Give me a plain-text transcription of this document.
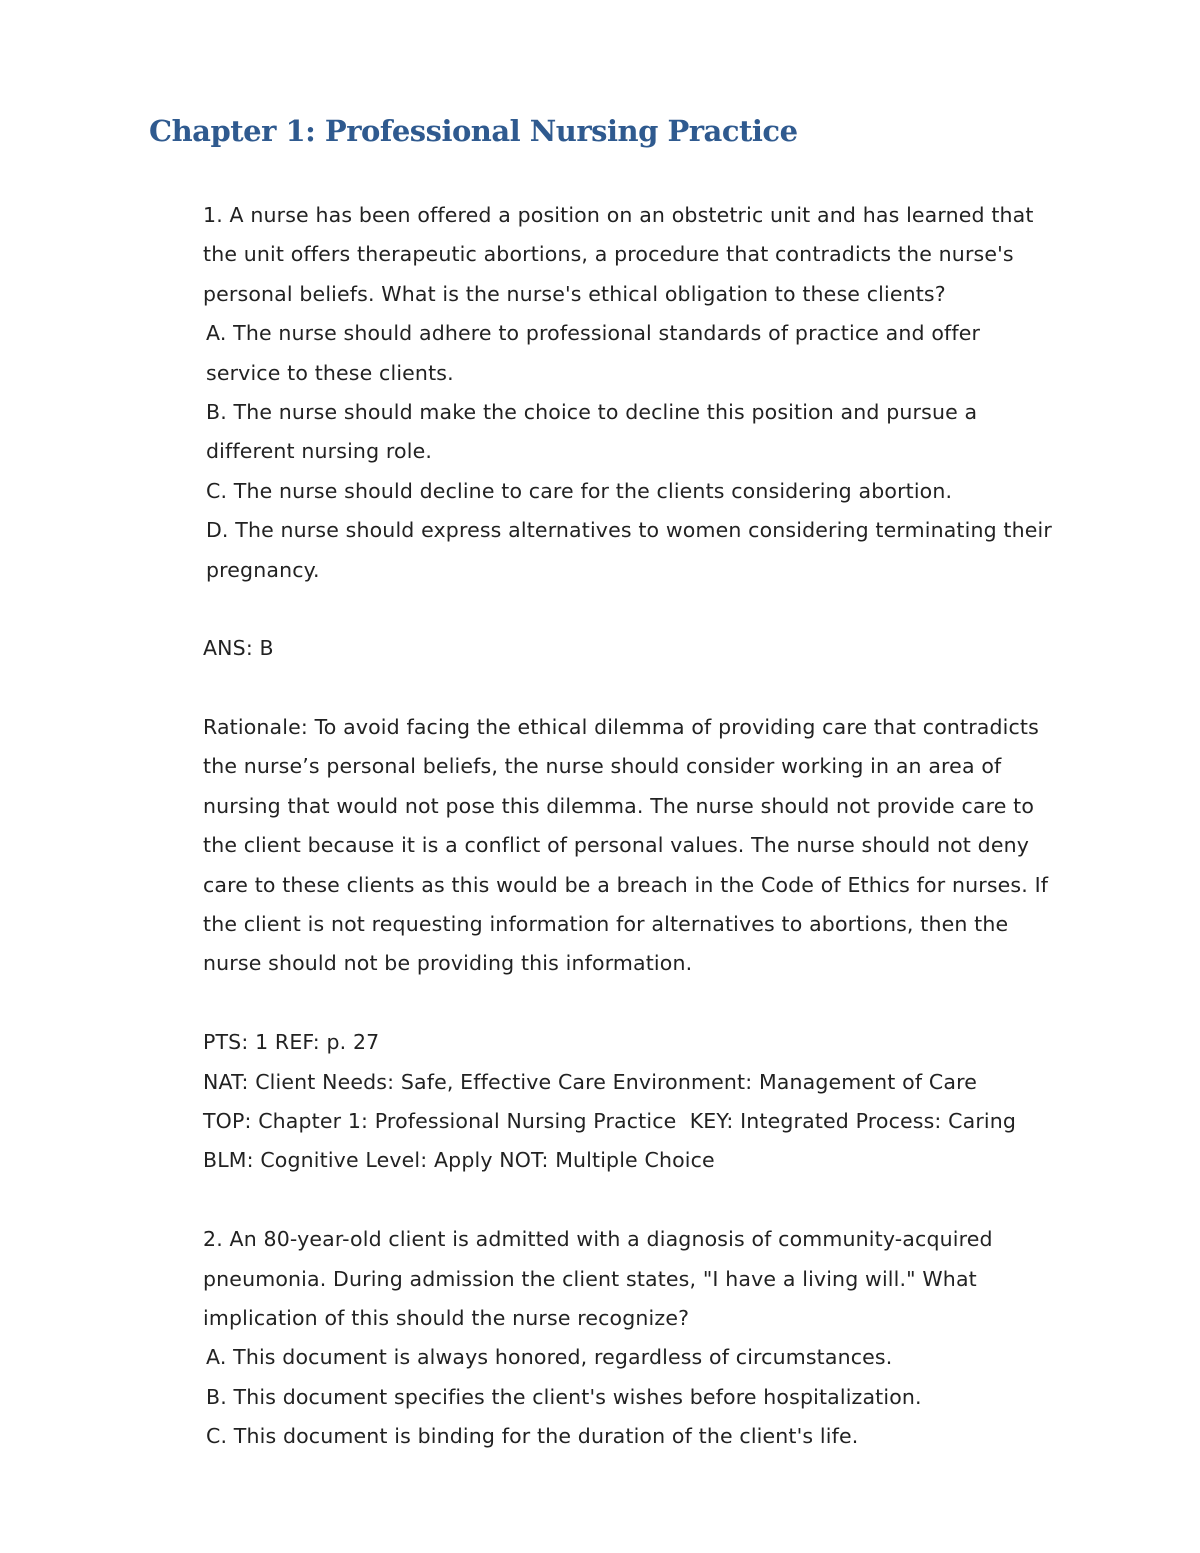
Chapter 1: Professional Nursing Practice
1. A nurse has been offered a position on an obstetric unit and has learned that
the unit offers therapeutic abortions, a procedure that contradicts the nurse's
personal beliefs. What is the nurse's ethical obligation to these clients?
A. The nurse should adhere to professional standards of practice and offer
service to these clients.
B. The nurse should make the choice to decline this position and pursue a
different nursing role.
C. The nurse should decline to care for the clients considering abortion.
D. The nurse should express alternatives to women considering terminating their
pregnancy.
ANS: B
Rationale: To avoid facing the ethical dilemma of providing care that contradicts
the nurse’s personal beliefs, the nurse should consider working in an area of
nursing that would not pose this dilemma. The nurse should not provide care to
the client because it is a conflict of personal values. The nurse should not deny
care to these clients as this would be a breach in the Code of Ethics for nurses. If
the client is not requesting information for alternatives to abortions, then the
nurse should not be providing this information.
PTS: 1 REF: p. 27
NAT: Client Needs: Safe, Effective Care Environment: Management of Care
TOP: Chapter 1: Professional Nursing Practice  KEY: Integrated Process: Caring
BLM: Cognitive Level: Apply NOT: Multiple Choice
2. An 80-year-old client is admitted with a diagnosis of community-acquired
pneumonia. During admission the client states, "I have a living will." What
implication of this should the nurse recognize?
A. This document is always honored, regardless of circumstances.
B. This document specifies the client's wishes before hospitalization.
C. This document is binding for the duration of the client's life.
